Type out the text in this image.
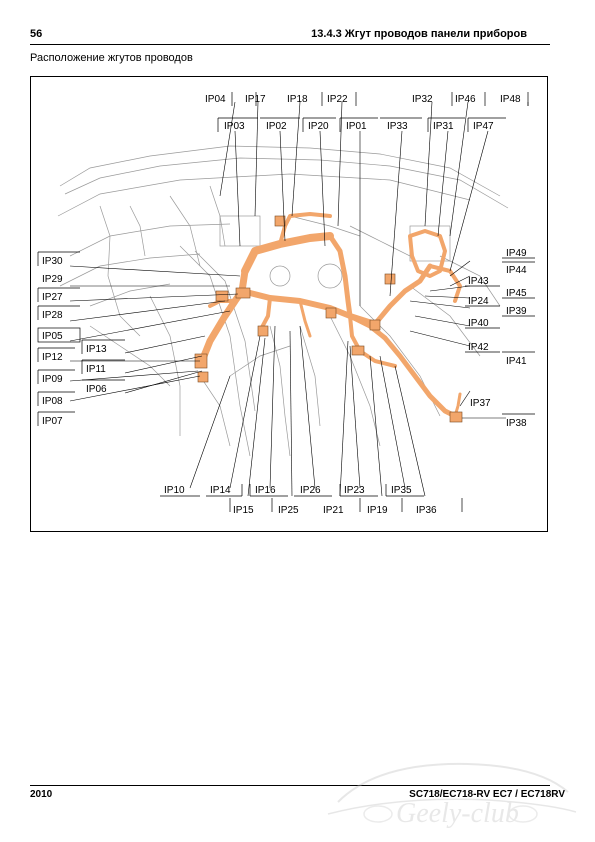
56	13.4.3 Жгут проводов панели приборов
Расположение жгутов проводов
IP04 IP17 IP18 IP22	IP32 IP46 IP48
IP03 IP02 IP20 IP01 IP33	IP31 IP47
IP30
IP29
IP27
IP28
IP05
IP13
IP12
IP11
IP09
IP06
IP08
IP07
IP49
IP44
IP43
IP45
IP24
IP39
IP40
IP42
IP41
IP37
IP38
IP10	IP14 IP16 IP26 IP23	IP35
IP15 IP25 IP21 IP19	IP36
2010	SC718/EC718-RV EC7 / EC718RV
Geely-club
